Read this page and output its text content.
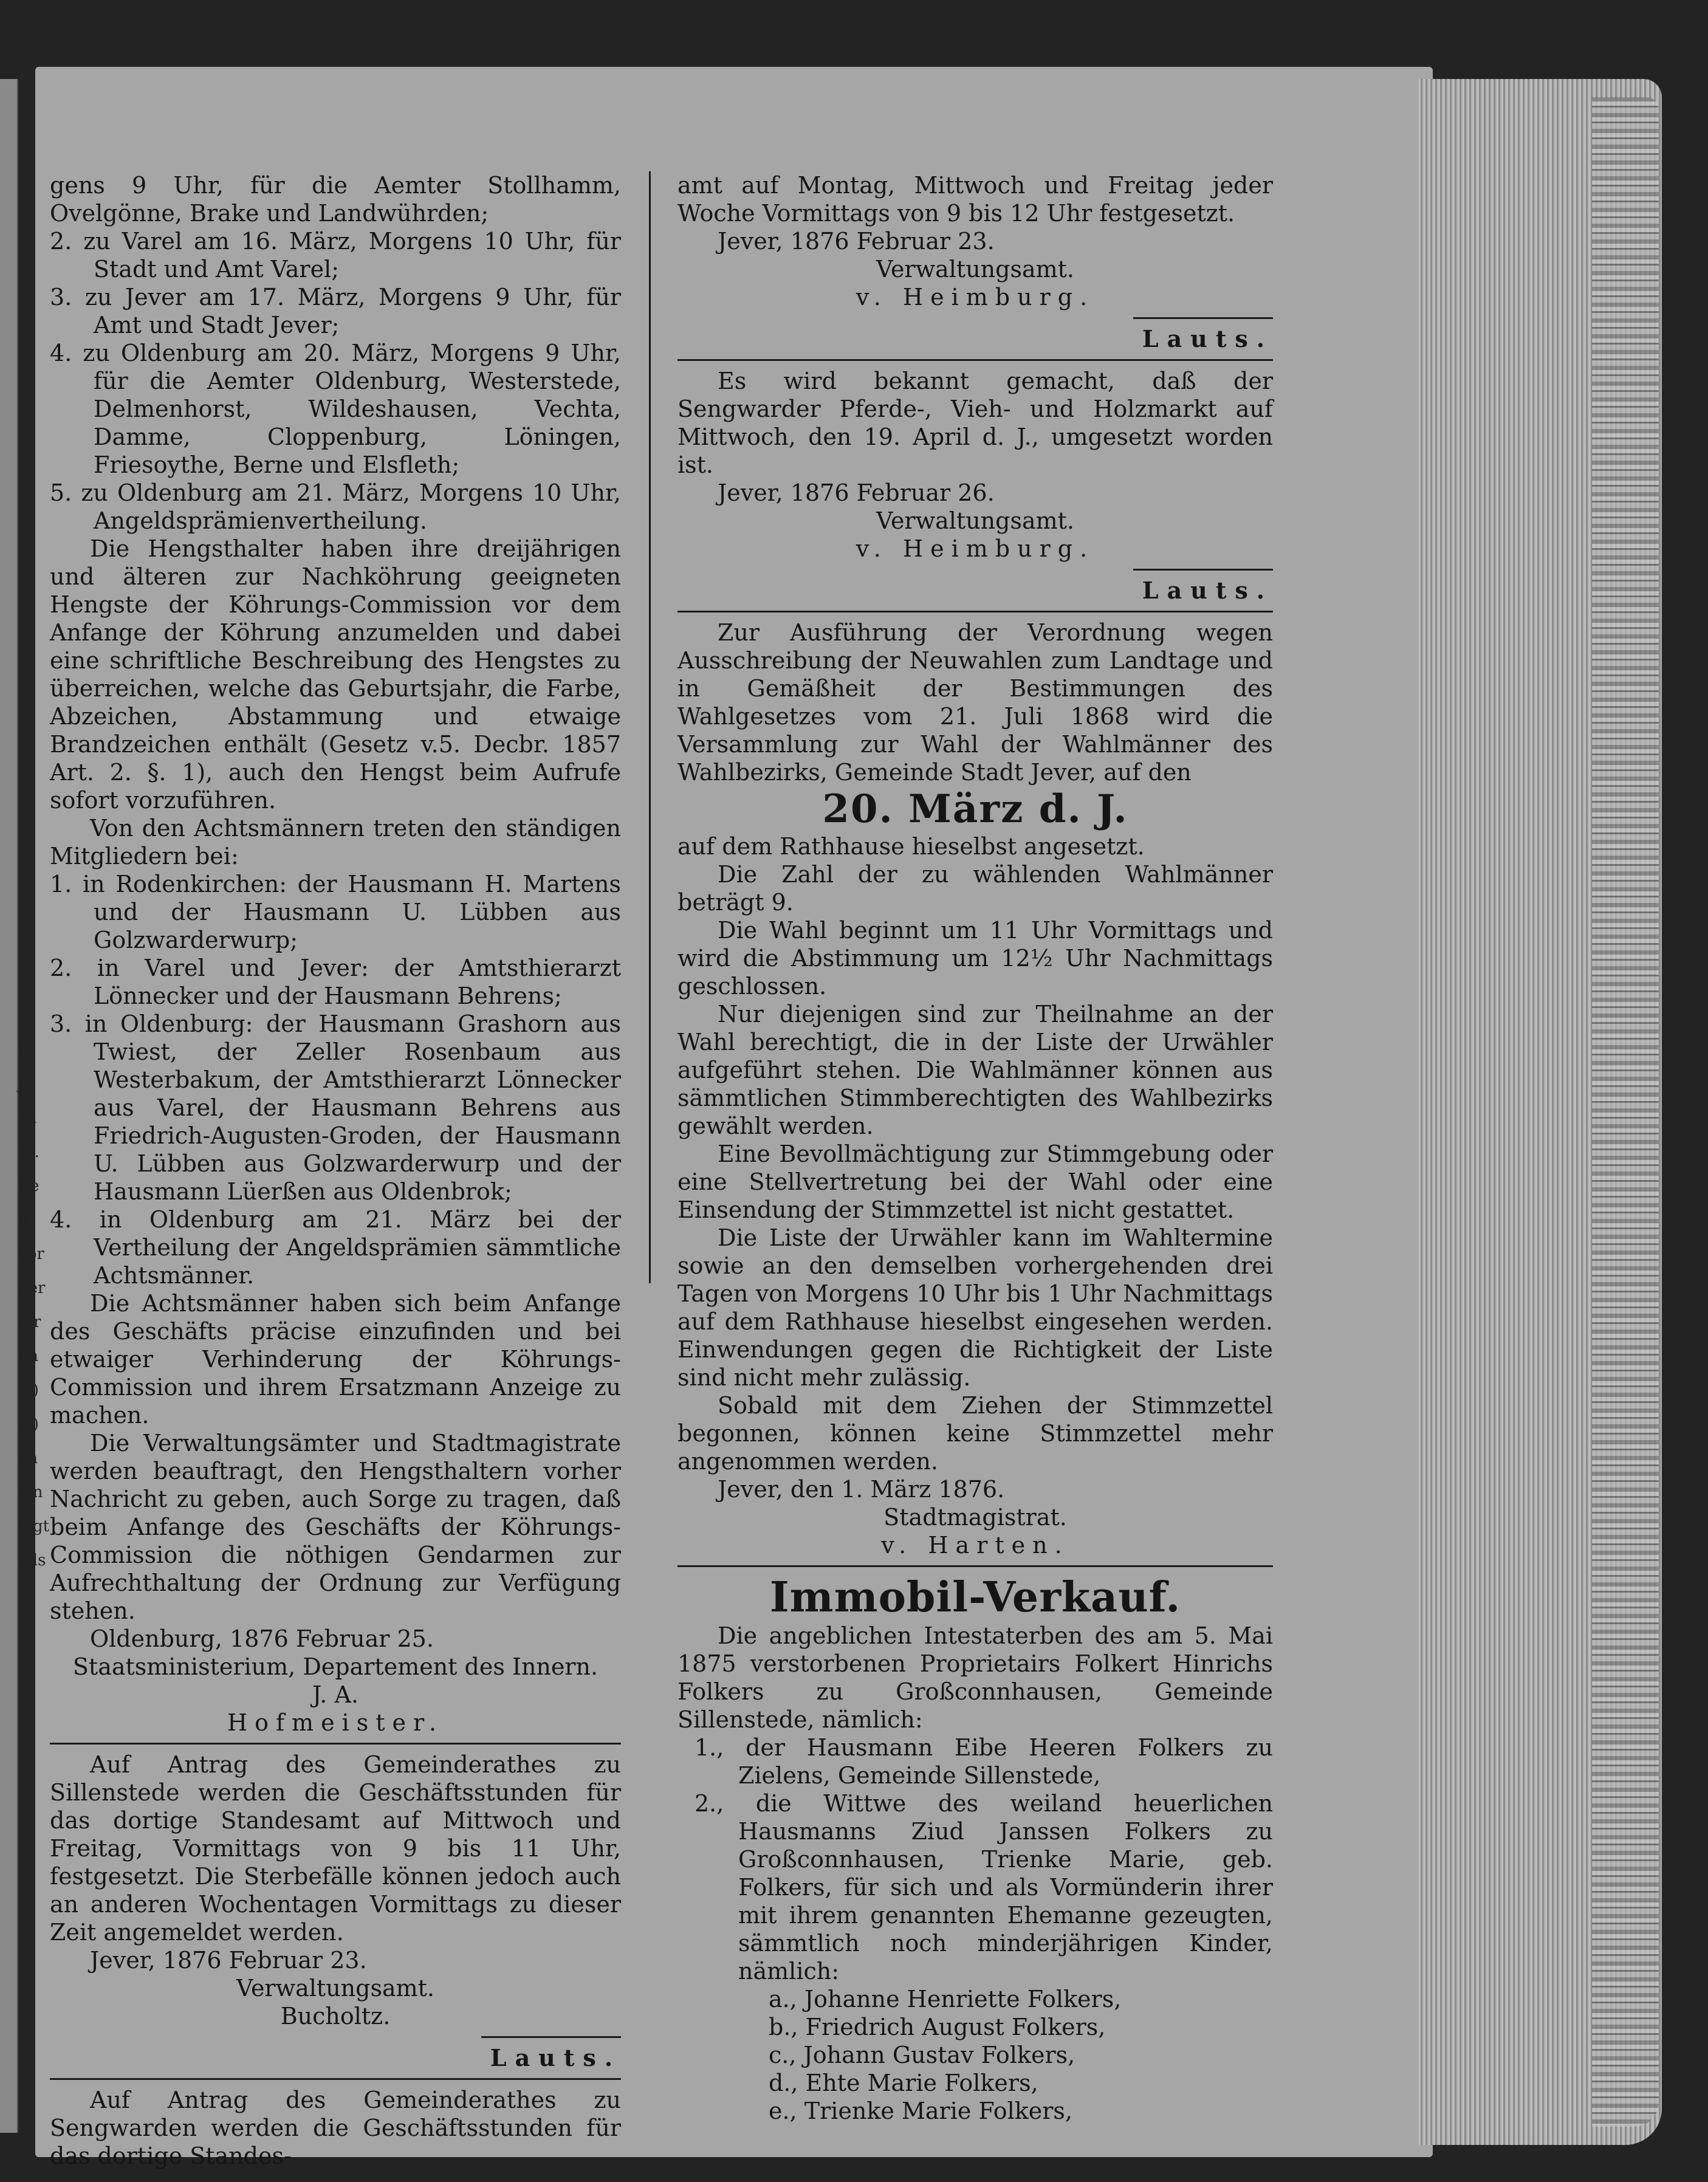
lt
je
zu
1).
Be
ü
vor
der
dir
im
a.)
a.)
en
ein
olgt
ads

gens 9 Uhr, für die Aemter Stollhamm, Ovelgönne, Brake und Landwührden;

2. zu Varel am 16. März, Morgens 10 Uhr, für Stadt und Amt Varel;

3. zu Jever am 17. März, Morgens 9 Uhr, für Amt und Stadt Jever;

4. zu Oldenburg am 20. März, Morgens 9 Uhr, für die Aemter Oldenburg, Westerstede, Delmenhorst, Wildeshausen, Vechta, Damme, Cloppenburg, Löningen, Friesoythe, Berne und Elsfleth;

5. zu Oldenburg am 21. März, Morgens 10 Uhr, Angeldsprämienvertheilung.

Die Hengsthalter haben ihre dreijährigen und älteren zur Nachköhrung geeigneten Hengste der Köhrungs-Commission vor dem Anfange der Köhrung anzumelden und dabei eine schriftliche Beschreibung des Hengstes zu überreichen, welche das Geburtsjahr, die Farbe, Abzeichen, Abstammung und etwaige Brandzeichen enthält (Gesetz v.5. Decbr. 1857 Art. 2. §. 1), auch den Hengst beim Aufrufe sofort vorzuführen.

Von den Achtsmännern treten den ständigen Mitgliedern bei:

1. in Rodenkirchen: der Hausmann H. Martens und der Hausmann U. Lübben aus Golzwarderwurp;

2. in Varel und Jever: der Amtsthierarzt Lönnecker und der Hausmann Behrens;

3. in Oldenburg: der Hausmann Grashorn aus Twiest, der Zeller Rosenbaum aus Westerbakum, der Amtsthierarzt Lönnecker aus Varel, der Hausmann Behrens aus Friedrich-Augusten-Groden, der Hausmann U. Lübben aus Golzwarderwurp und der Hausmann Lüerßen aus Oldenbrok;

4. in Oldenburg am 21. März bei der Vertheilung der Angeldsprämien sämmtliche Achtsmänner.

Die Achtsmänner haben sich beim Anfange des Geschäfts präcise einzufinden und bei etwaiger Verhinderung der Köhrungs-Commission und ihrem Ersatzmann Anzeige zu machen.

Die Verwaltungsämter und Stadtmagistrate werden beauftragt, den Hengsthaltern vorher Nachricht zu geben, auch Sorge zu tragen, daß beim Anfange des Geschäfts der Köhrungs-Commission die nöthigen Gendarmen zur Aufrechthaltung der Ordnung zur Verfügung stehen.

Oldenburg, 1876 Februar 25.

Staatsministerium, Departement des Innern.

J. A.

Hofmeister.

Auf Antrag des Gemeinderathes zu Sillenstede werden die Geschäftsstunden für das dortige Standesamt auf Mittwoch und Freitag, Vormittags von 9 bis 11 Uhr, festgesetzt. Die Sterbefälle können jedoch auch an anderen Wochentagen Vormittags zu dieser Zeit angemeldet werden.

Jever, 1876 Februar 23.

Verwaltungsamt.

Bucholtz.

Lauts.

Auf Antrag des Gemeinderathes zu Sengwarden werden die Geschäftsstunden für das dortige Standes-

amt auf Montag, Mittwoch und Freitag jeder Woche Vormittags von 9 bis 12 Uhr festgesetzt.

Jever, 1876 Februar 23.

Verwaltungsamt.

v. Heimburg.

Lauts.

Es wird bekannt gemacht, daß der Sengwarder Pferde-, Vieh- und Holzmarkt auf Mittwoch, den 19. April d. J., umgesetzt worden ist.

Jever, 1876 Februar 26.

Verwaltungsamt.

v. Heimburg.

Lauts.

Zur Ausführung der Verordnung wegen Ausschreibung der Neuwahlen zum Landtage und in Gemäßheit der Bestimmungen des Wahlgesetzes vom 21. Juli 1868 wird die Versammlung zur Wahl der Wahlmänner des Wahlbezirks, Gemeinde Stadt Jever, auf den

20. März d. J.

auf dem Rathhause hieselbst angesetzt.

Die Zahl der zu wählenden Wahlmänner beträgt 9.

Die Wahl beginnt um 11 Uhr Vormittags und wird die Abstimmung um 12½ Uhr Nachmittags geschlossen.

Nur diejenigen sind zur Theilnahme an der Wahl berechtigt, die in der Liste der Urwähler aufgeführt stehen. Die Wahlmänner können aus sämmtlichen Stimmberechtigten des Wahlbezirks gewählt werden.

Eine Bevollmächtigung zur Stimmgebung oder eine Stellvertretung bei der Wahl oder eine Einsendung der Stimmzettel ist nicht gestattet.

Die Liste der Urwähler kann im Wahltermine sowie an den demselben vorhergehenden drei Tagen von Morgens 10 Uhr bis 1 Uhr Nachmittags auf dem Rathhause hieselbst eingesehen werden. Einwendungen gegen die Richtigkeit der Liste sind nicht mehr zulässig.

Sobald mit dem Ziehen der Stimmzettel begonnen, können keine Stimmzettel mehr angenommen werden.

Jever, den 1. März 1876.

Stadtmagistrat.

v. Harten.

Immobil-Verkauf.

Die angeblichen Intestaterben des am 5. Mai 1875 verstorbenen Proprietairs Folkert Hinrichs Folkers zu Großconnhausen, Gemeinde Sillenstede, nämlich:

1., der Hausmann Eibe Heeren Folkers zu Zielens, Gemeinde Sillenstede,

2., die Wittwe des weiland heuerlichen Hausmanns Ziud Janssen Folkers zu Großconnhausen, Trienke Marie, geb. Folkers, für sich und als Vormünderin ihrer mit ihrem genannten Ehemanne gezeugten, sämmtlich noch minderjährigen Kinder, nämlich:

a., Johanne Henriette Folkers,

b., Friedrich August Folkers,

c., Johann Gustav Folkers,

d., Ehte Marie Folkers,

e., Trienke Marie Folkers,
